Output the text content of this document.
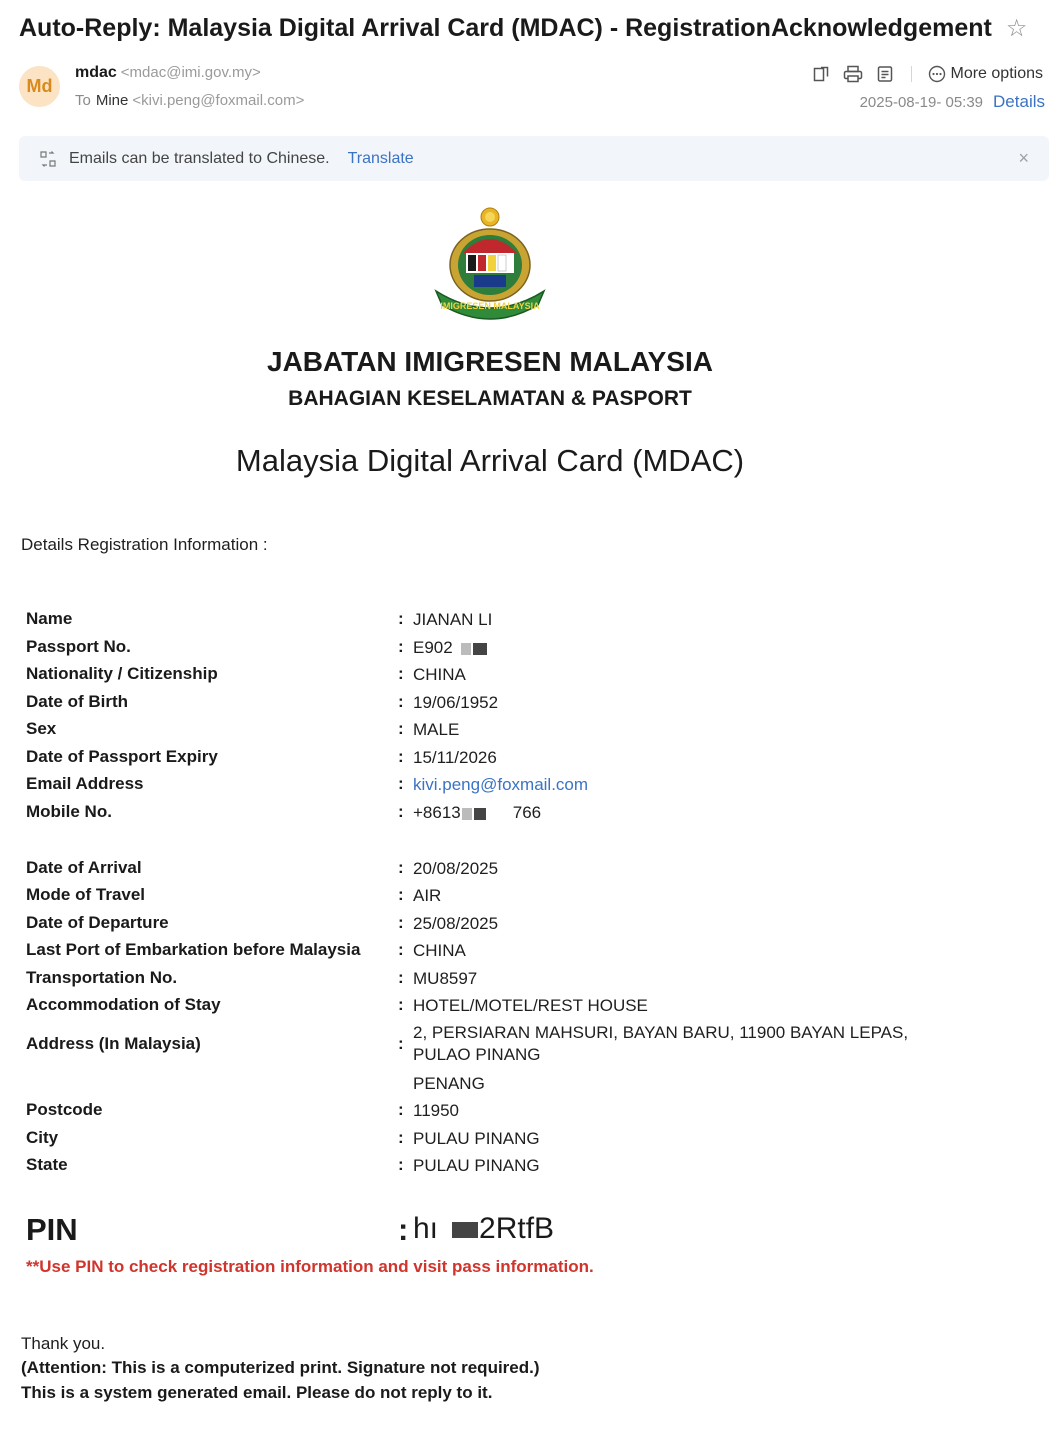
Auto-Reply: Malaysia Digital Arrival Card (MDAC) - RegistrationAcknowledgement ☆
Md
mdac <mdac@imi.gov.my>
To Mine <kivi.peng@foxmail.com>
More options
2025-08-19- 05:39 Details
Emails can be translated to Chinese. Translate	×
IMIGRESEN MALAYSIA
JABATAN IMIGRESEN MALAYSIA
BAHAGIAN KESELAMATAN & PASPORT
Malaysia Digital Arrival Card (MDAC)
Details Registration Information :
Name	: JIANAN LI
Passport No.	: E902
Nationality / Citizenship	: CHINA
Date of Birth	: 19/06/1952
Sex	: MALE
Date of Passport Expiry	: 15/11/2026
Email Address	: kivi.peng@foxmail.com
Mobile No.	: +8613	766
Date of Arrival	: 20/08/2025
Mode of Travel	: AIR
Date of Departure	: 25/08/2025
Last Port of Embarkation before Malaysia : CHINA
Transportation No.	: MU8597
Accommodation of Stay	: HOTEL/MOTEL/REST HOUSE
Address (In Malaysia)	:
2, PERSIARAN MAHSURI, BAYAN BARU, 11900 BAYAN LEPAS, PULAO PINANG
PENANG
Postcode	: 11950
City	: PULAU PINANG
State	: PULAU PINANG
PIN	: hı 2RtfB
**Use PIN to check registration information and visit pass information.
Thank you.
(Attention: This is a computerized print. Signature not required.)
This is a system generated email. Please do not reply to it.
